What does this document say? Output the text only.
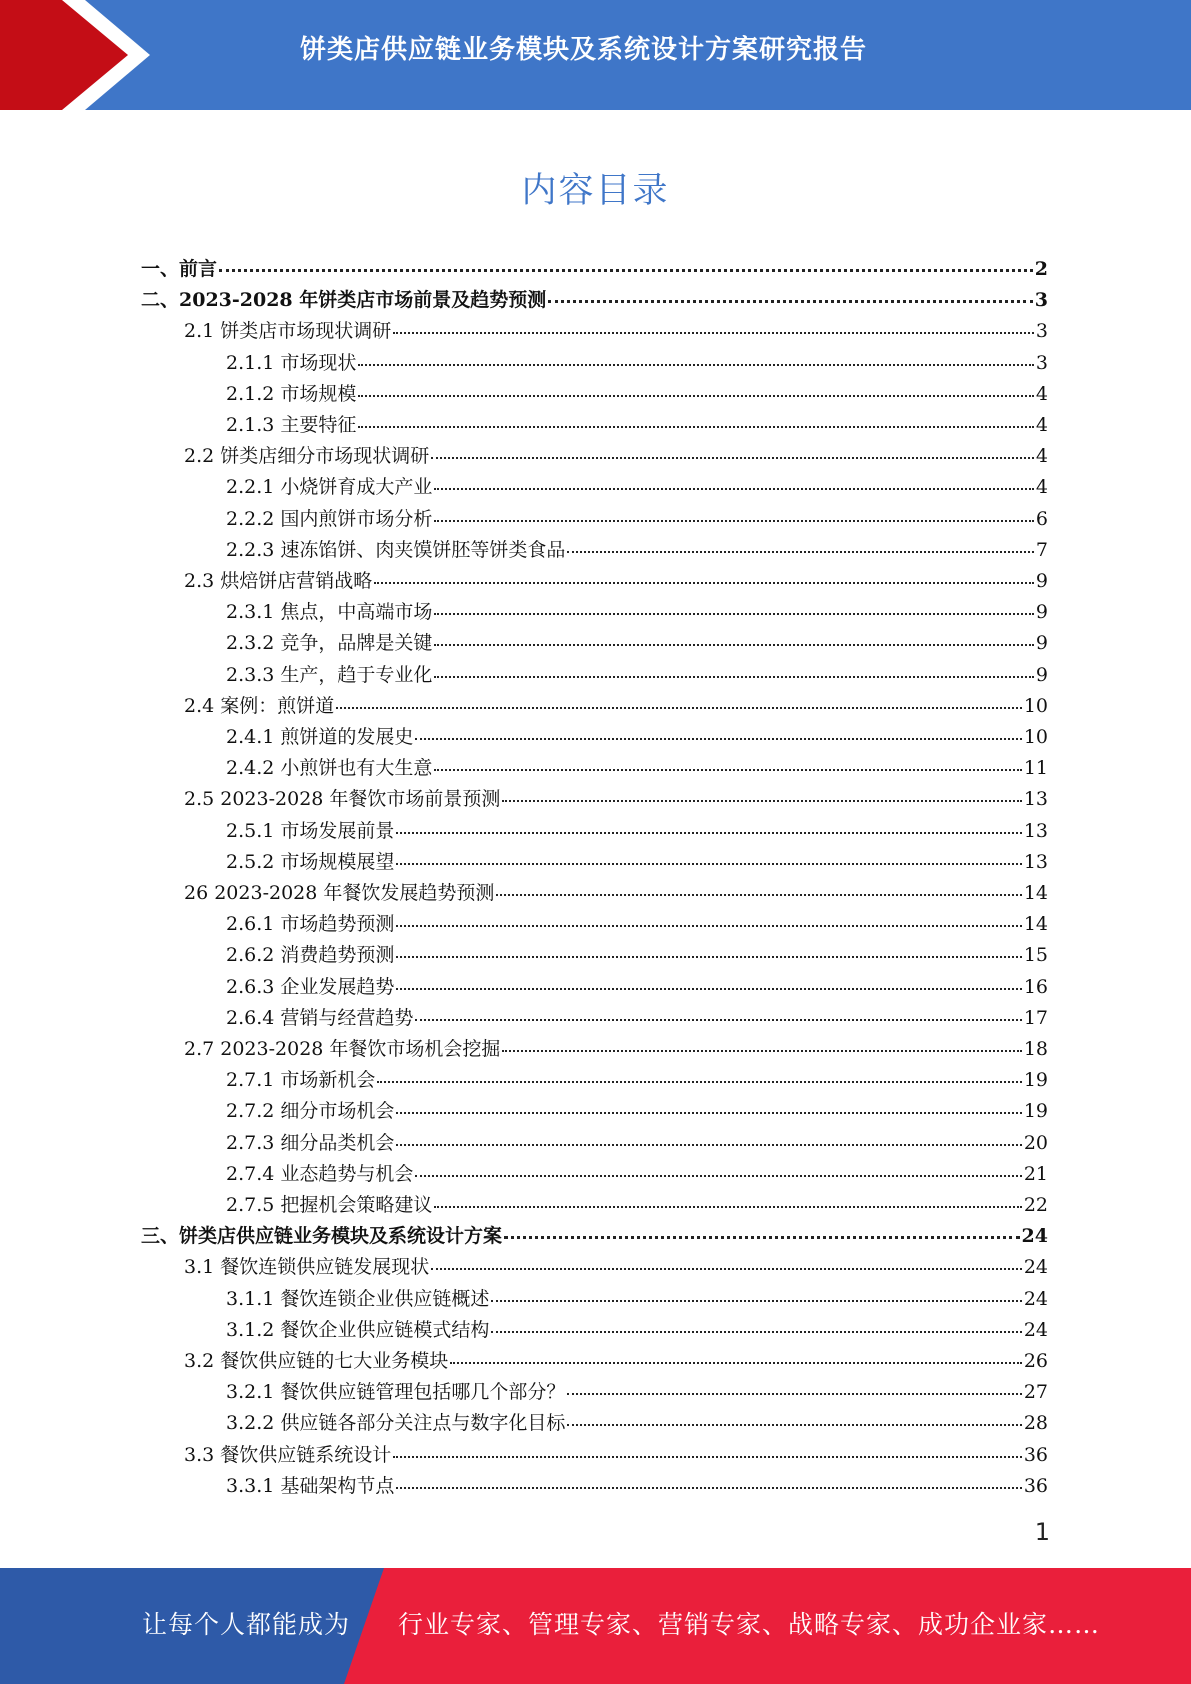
饼类店供应链业务模块及系统设计方案研究报告
内容目录
一、前言	2
二、2023-2028 年饼类店市场前景及趋势预测	3
2.1 饼类店市场现状调研	3
2.1.1 市场现状	3
2.1.2 市场规模	4
2.1.3 主要特征	4
2.2 饼类店细分市场现状调研	4
2.2.1 小烧饼育成大产业	4
2.2.2 国内煎饼市场分析	6
2.2.3 速冻馅饼、肉夹馍饼胚等饼类食品	7
2.3 烘焙饼店营销战略	9
2.3.1 焦点，中高端市场	9
2.3.2 竞争，品牌是关键	9
2.3.3 生产，趋于专业化	9
2.4 案例：煎饼道	10
2.4.1 煎饼道的发展史	10
2.4.2 小煎饼也有大生意	11
2.5 2023-2028 年餐饮市场前景预测	13
2.5.1 市场发展前景	13
2.5.2 市场规模展望	13
26 2023-2028 年餐饮发展趋势预测	14
2.6.1 市场趋势预测	14
2.6.2 消费趋势预测	15
2.6.3 企业发展趋势	16
2.6.4 营销与经营趋势	17
2.7 2023-2028 年餐饮市场机会挖掘	18
2.7.1 市场新机会	19
2.7.2 细分市场机会	19
2.7.3 细分品类机会	20
2.7.4 业态趋势与机会	21
2.7.5 把握机会策略建议	22
三、饼类店供应链业务模块及系统设计方案	24
3.1 餐饮连锁供应链发展现状	24
3.1.1 餐饮连锁企业供应链概述	24
3.1.2 餐饮企业供应链模式结构	24
3.2 餐饮供应链的七大业务模块	26
3.2.1 餐饮供应链管理包括哪几个部分？	27
3.2.2 供应链各部分关注点与数字化目标	28
3.3 餐饮供应链系统设计	36
3.3.1 基础架构节点	36
1
让每个人都能成为 行业专家、管理专家、营销专家、战略专家、成功企业家……
